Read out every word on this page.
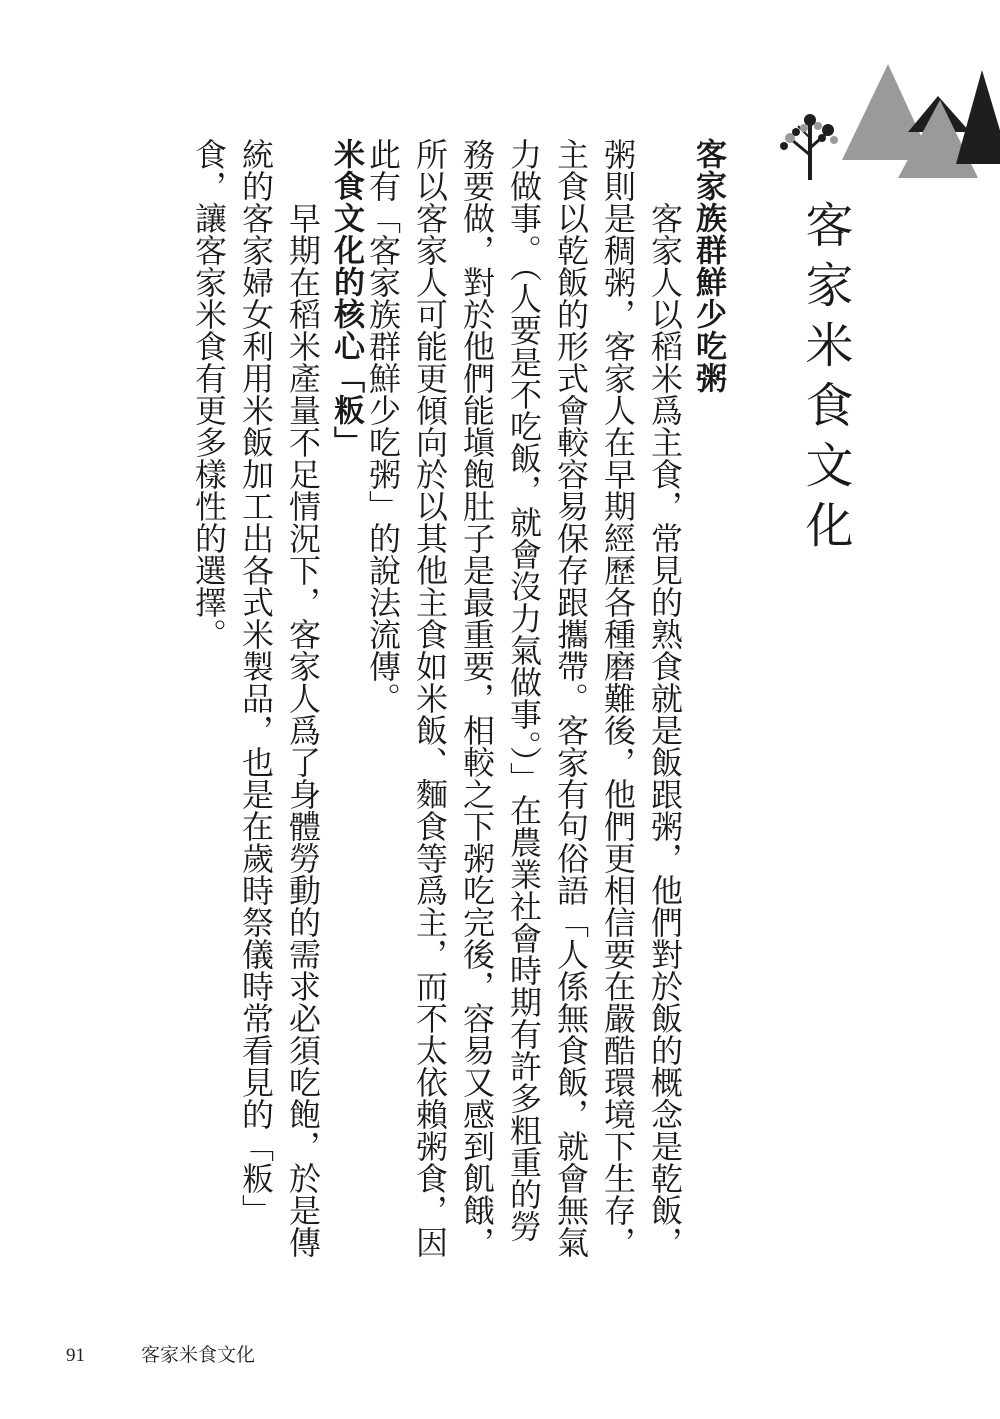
客家米食文化
客家族群鮮少吃粥

客家人以稻米爲主食，常見的熟食就是飯跟粥，他們對於飯的概念是乾飯，粥則是稠粥，客家人在早期經歷各種磨難後，他們更相信要在嚴酷環境下生存，主食以乾飯的形式會較容易保存跟攜帶。客家有句俗語「人係無食飯，就會無氣力做事。（人要是不吃飯，就會沒力氣做事。）」在農業社會時期有許多粗重的勞務要做，對於他們能塡飽肚子是最重要，相較之下粥吃完後，容易又感到飢餓，所以客家人可能更傾向於以其他主食如米飯、麵食等爲主，而不太依賴粥食，因此有「客家族群鮮少吃粥」的說法流傳。

米食文化的核心「粄」

早期在稻米產量不足情況下，客家人爲了身體勞動的需求必須吃飽，於是傳統的客家婦女利用米飯加工出各式米製品，也是在歲時祭儀時常看見的「粄」食，讓客家米食有更多樣性的選擇。

91	客家米食文化
